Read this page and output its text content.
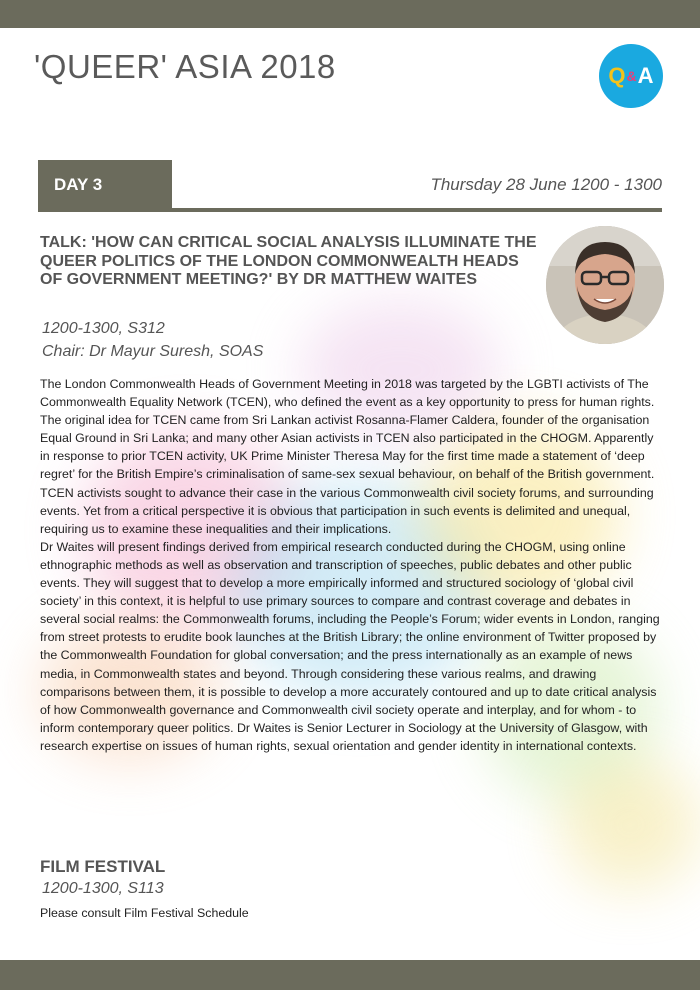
'QUEER' ASIA 2018	Q & A
DAY 3	Thursday 28 June 1200 - 1300
TALK: 'HOW CAN CRITICAL SOCIAL ANALYSIS ILLUMINATE THE QUEER POLITICS OF THE LONDON COMMONWEALTH HEADS OF GOVERNMENT MEETING?' BY DR MATTHEW WAITES
1200-1300, S312
Chair: Dr Mayur Suresh, SOAS

The London Commonwealth Heads of Government Meeting in 2018 was targeted by the LGBTI activists of The Commonwealth Equality Network (TCEN), who defined the event as a key opportunity to press for human rights. The original idea for TCEN came from Sri Lankan activist Rosanna-Flamer Caldera, founder of the organisation Equal Ground in Sri Lanka; and many other Asian activists in TCEN also participated in the CHOGM. Apparently in response to prior TCEN activity, UK Prime Minister Theresa May for the first time made a statement of ‘deep regret’ for the British Empire’s criminalisation of same-sex sexual behaviour, on behalf of the British government. TCEN activists sought to advance their case in the various Commonwealth civil society forums, and surrounding events. Yet from a critical perspective it is obvious that participation in such events is delimited and unequal, requiring us to examine these inequalities and their implications.

Dr Waites will present findings derived from empirical research conducted during the CHOGM, using online ethnographic methods as well as observation and transcription of speeches, public debates and other public events. They will suggest that to develop a more empirically informed and structured sociology of ‘global civil society’ in this context, it is helpful to use primary sources to compare and contrast coverage and debates in several social realms: the Commonwealth forums, including the People’s Forum; wider events in London, ranging from street protests to erudite book launches at the British Library; the online environment of Twitter proposed by the Commonwealth Foundation for global conversation; and the press internationally as an example of news media, in Commonwealth states and beyond. Through considering these various realms, and drawing comparisons between them, it is possible to develop a more accurately contoured and up to date critical analysis of how Commonwealth governance and Commonwealth civil society operate and interplay, and for whom - to inform contemporary queer politics. Dr Waites is Senior Lecturer in Sociology at the University of Glasgow, with research expertise on issues of human rights, sexual orientation and gender identity in international contexts.

FILM FESTIVAL
1200-1300, S113
Please consult Film Festival Schedule
